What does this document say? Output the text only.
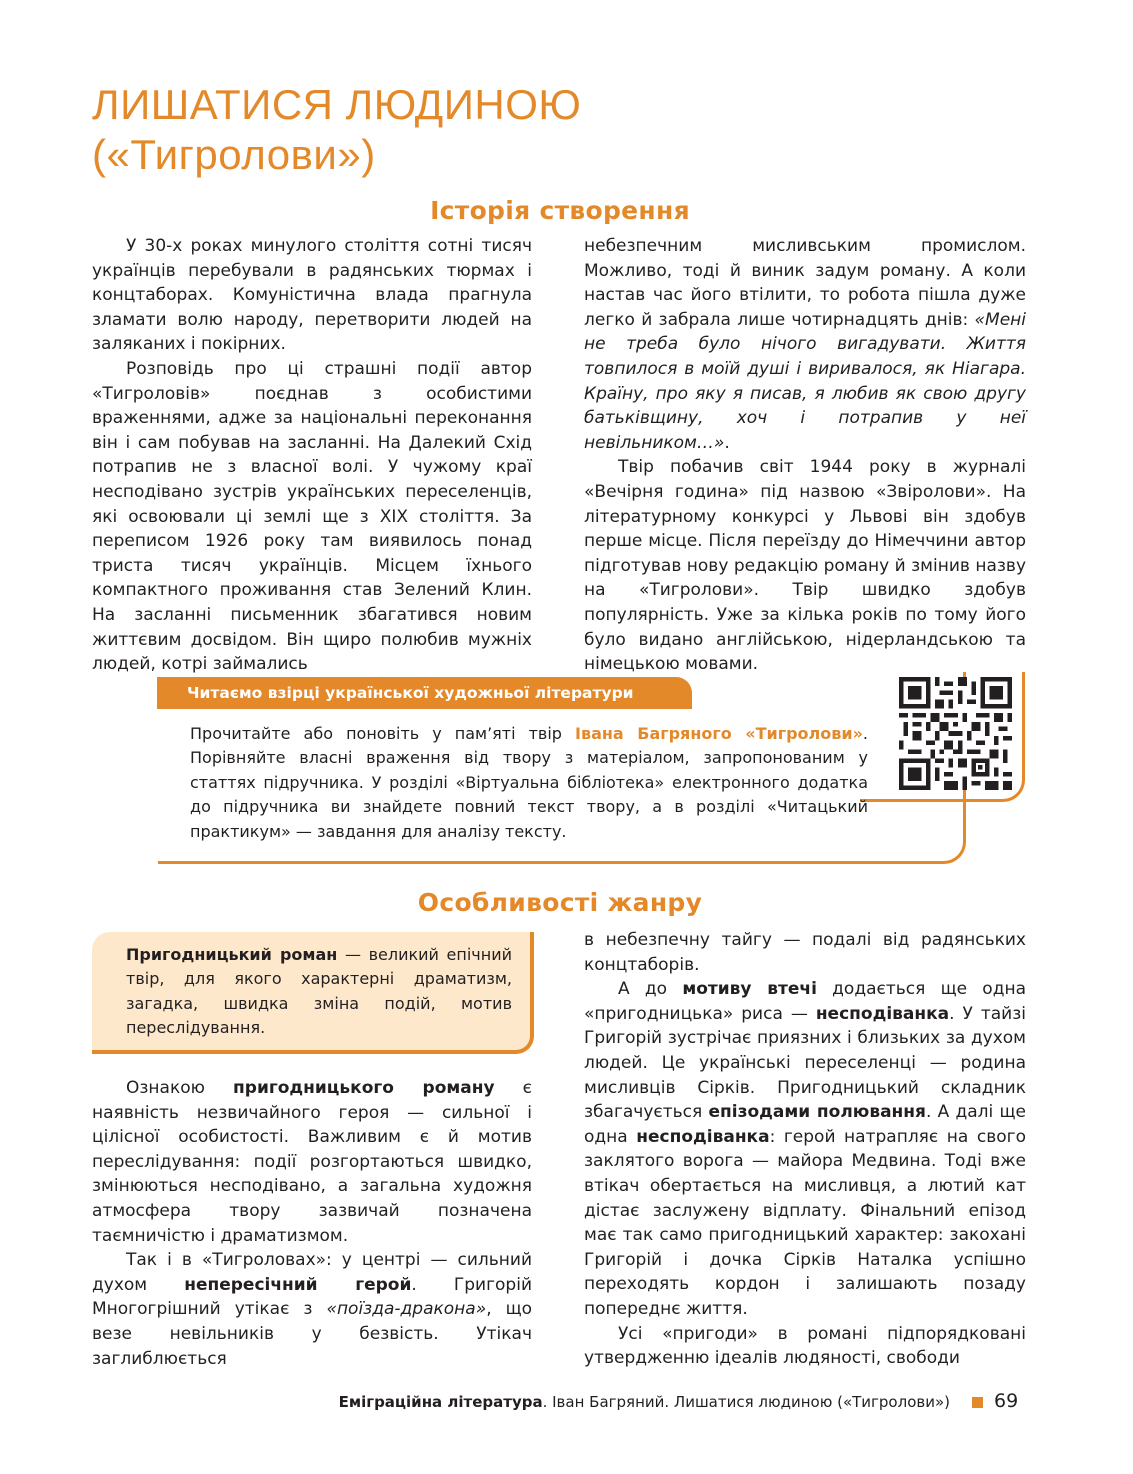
ЛИШАТИСЯ ЛЮДИНОЮ
(«Тигролови»)
Історія створення

У 30-х роках минулого століття сотні тисяч українців перебували в радянських тюрмах і концтаборах. Комуністична влада прагнула зламати волю народу, перетворити людей на заляканих і покірних.

Розповідь про ці страшні події автор «Тигроловів» поєднав з особистими враженнями, адже за національні переконання він і сам побував на засланні. На Далекий Схід потрапив не з власної волі. У чужому краї несподівано зустрів українських переселенців, які освоювали ці землі ще з XIX століття. За переписом 1926 року там виявилось понад триста тисяч українців. Місцем їхнього компактного проживання став Зелений Клин. На засланні письменник збагатився новим життєвим досвідом. Він щиро полюбив мужніх людей, котрі займались

небезпечним мисливським промислом. Можливо, тоді й виник задум роману. А коли настав час його втілити, то робота пішла дуже легко й забрала лише чотирнадцять днів: «Мені не треба було нічого вигадувати. Життя товпилося в моїй душі і виривалося, як Ніагара. Країну, про яку я писав, я любив як свою другу батьківщину, хоч і потрапив у неї невільником…».

Твір побачив світ 1944 року в журналі «Вечірня година» під назвою «Звіролови». На літературному конкурсі у Львові він здобув перше місце. Після переїзду до Німеччини автор підготував нову редакцію роману й змінив назву на «Тигролови». Твір швидко здобув популярність. Уже за кілька років по тому його було видано англійською, нідерландською та німецькою мовами.

Читаємо взірці української художньої літератури
Прочитайте або поновіть у пам’яті твір Івана Багряного «Тигролови». Порівняйте власні враження від твору з матеріалом, запропонованим у статтях підручника. У розділі «Віртуальна бібліотека» електронного додатка до підручника ви знайдете повний текст твору, а в розділі «Читацький практикум» — завдання для аналізу тексту.
Особливості жанру
Пригодницький роман — великий епічний твір, для якого характерні драматизм, загадка, швидка зміна подій, мотив переслідування.

Ознакою пригодницького роману є наявність незвичайного героя — сильної і цілісної особистості. Важливим є й мотив переслідування: події розгортаються швидко, змінюються несподівано, а загальна художня атмосфера твору зазвичай позначена таємничістю і драматизмом.

Так і в «Тигроловах»: у центрі — сильний духом непересічний герой. Григорій Многогрішний утікає з «поїзда-дракона», що везе невільників у безвість. Утікач заглиблюється

в небезпечну тайгу — подалі від радянських концтаборів.

А до мотиву втечі додається ще одна «пригодницька» риса — несподіванка. У тайзі Григорій зустрічає приязних і близьких за духом людей. Це українські переселенці — родина мисливців Сірків. Пригодницький складник збагачується епізодами полювання. А далі ще одна несподіванка: герой натрапляє на свого заклятого ворога — майора Медвина. Тоді вже втікач обертається на мисливця, а лютий кат дістає заслужену відплату. Фінальний епізод має так само пригодницький характер: закохані Григорій і дочка Сірків Наталка успішно переходять кордон і залишають позаду попереднє життя.

Усі «пригоди» в романі підпорядковані утвердженню ідеалів людяності, свободи

Еміграційна література. Іван Багряний. Лишатися людиною («Тигролови») 69
